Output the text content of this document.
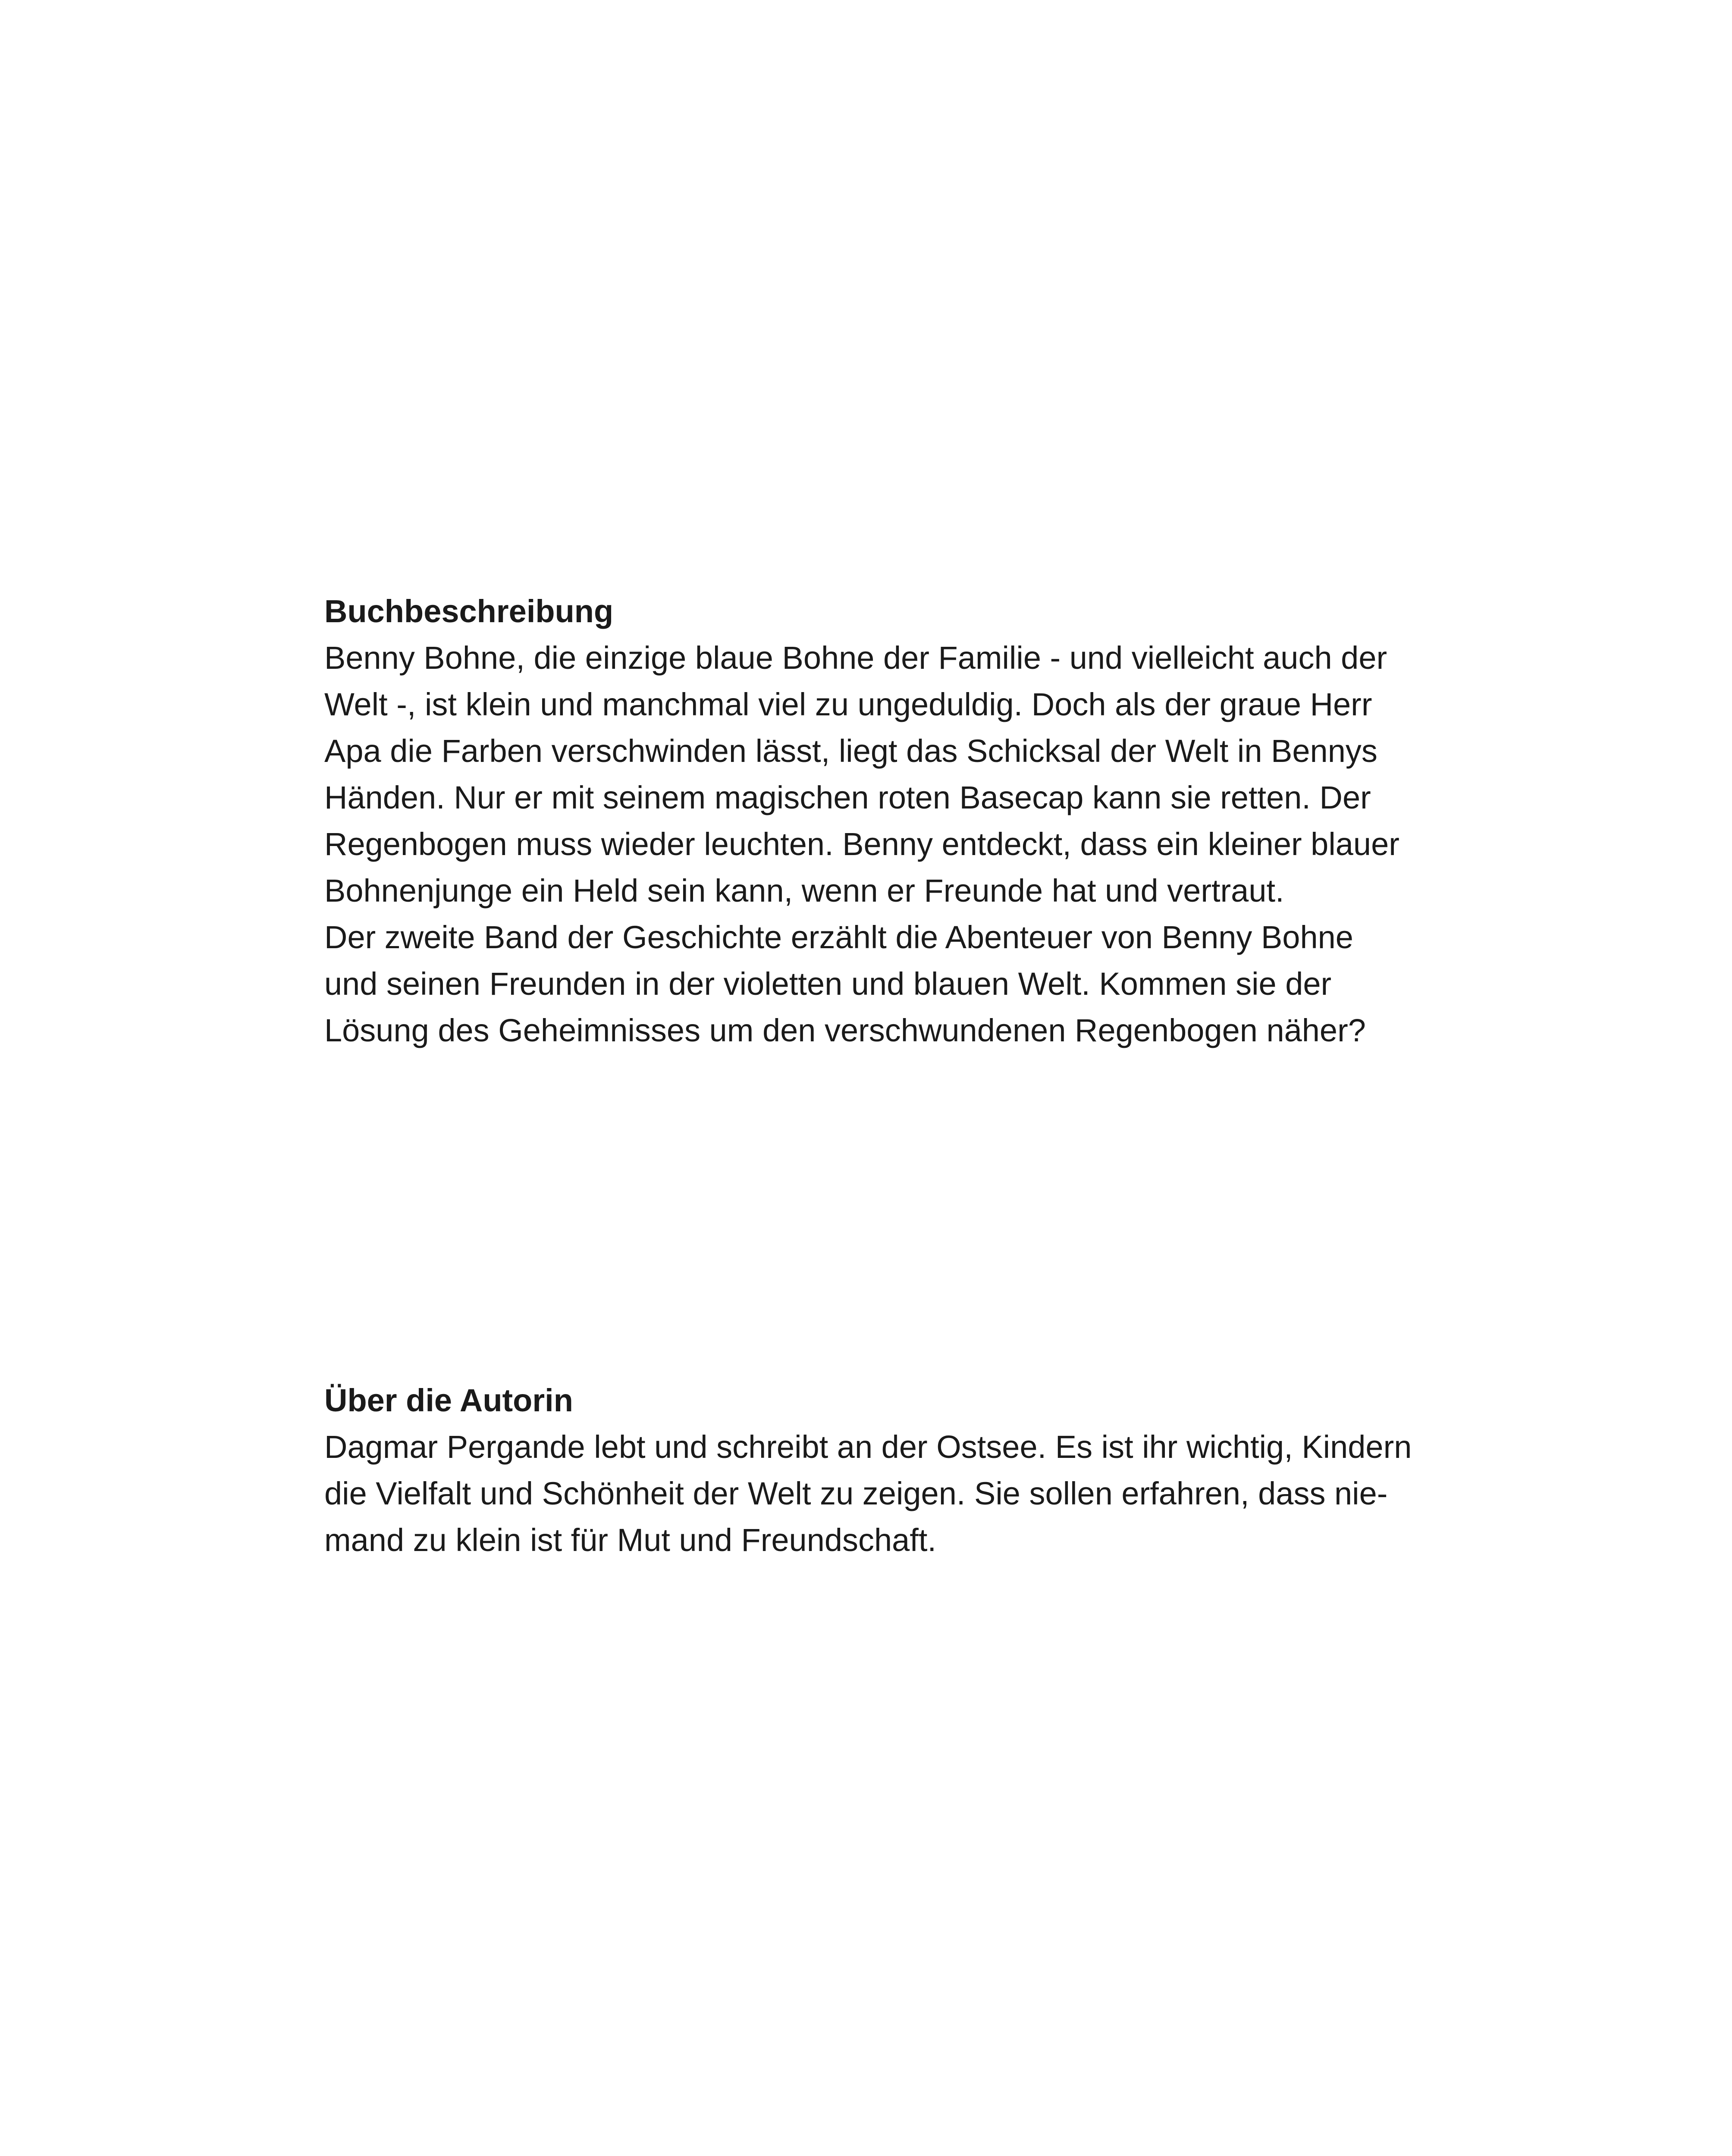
Buchbeschreibung
Benny Bohne, die einzige blaue Bohne der Familie - und vielleicht auch der
Welt -, ist klein und manchmal viel zu ungeduldig. Doch als der graue Herr
Apa die Farben verschwinden lässt, liegt das Schicksal der Welt in Bennys
Händen. Nur er mit seinem magischen roten Basecap kann sie retten. Der
Regenbogen muss wieder leuchten. Benny entdeckt, dass ein kleiner blauer
Bohnenjunge ein Held sein kann, wenn er Freunde hat und vertraut.
Der zweite Band der Geschichte erzählt die Abenteuer von Benny Bohne
und seinen Freunden in der violetten und blauen Welt. Kommen sie der
Lösung des Geheimnisses um den verschwundenen Regenbogen näher?
Über die Autorin
Dagmar Pergande lebt und schreibt an der Ostsee. Es ist ihr wichtig, Kindern
die Vielfalt und Schönheit der Welt zu zeigen. Sie sollen erfahren, dass nie-
mand zu klein ist für Mut und Freundschaft.
